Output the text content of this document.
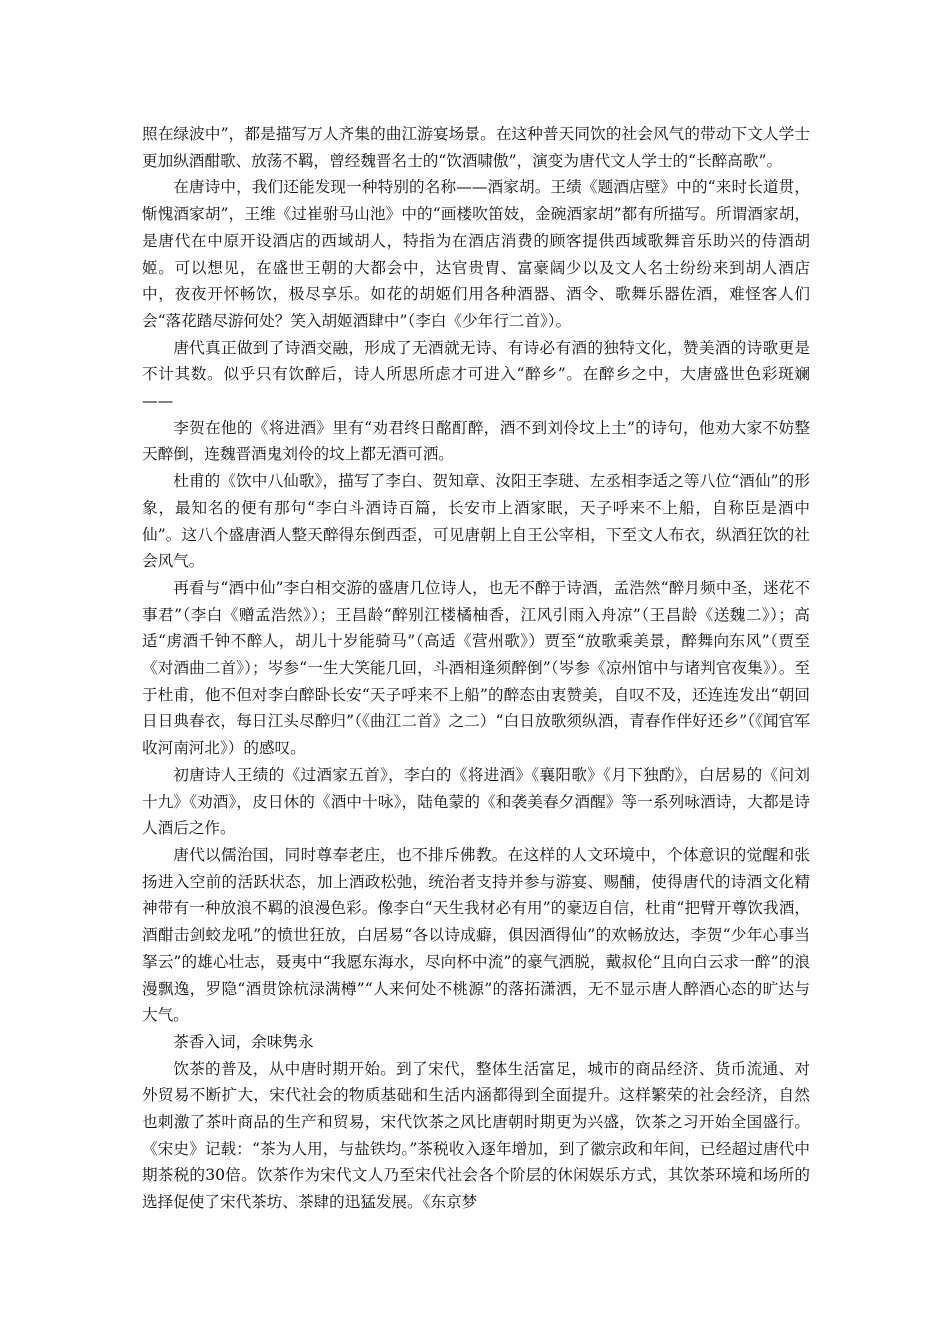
照在绿波中”，都是描写万人齐集的曲江游宴场景。在这种普天同饮的社会风气的带动下文人学士更加纵酒酣歌、放荡不羁，曾经魏晋名士的“饮酒啸傲”，演变为唐代文人学士的“长醉高歌”。

在唐诗中，我们还能发现一种特别的名称——酒家胡。王绩《题酒店壁》中的“来时长道贯，惭愧酒家胡”，王维《过崔驸马山池》中的“画楼吹笛妓，金碗酒家胡”都有所描写。所谓酒家胡，是唐代在中原开设酒店的西域胡人，特指为在酒店消费的顾客提供西域歌舞音乐助兴的侍酒胡姬。可以想见，在盛世王朝的大都会中，达官贵胄、富豪阔少以及文人名士纷纷来到胡人酒店中，夜夜开怀畅饮，极尽享乐。如花的胡姬们用各种酒器、酒令、歌舞乐器佐酒，难怪客人们会“落花踏尽游何处？笑入胡姬酒肆中”（李白《少年行二首》）。

唐代真正做到了诗酒交融，形成了无酒就无诗、有诗必有酒的独特文化，赞美酒的诗歌更是不计其数。似乎只有饮醉后，诗人所思所虑才可进入“醉乡”。在醉乡之中，大唐盛世色彩斑斓——

李贺在他的《将进酒》里有“劝君终日酩酊醉，酒不到刘伶坟上土”的诗句，他劝大家不妨整天醉倒，连魏晋酒鬼刘伶的坟上都无酒可洒。

杜甫的《饮中八仙歌》，描写了李白、贺知章、汝阳王李琎、左丞相李适之等八位“酒仙”的形象，最知名的便有那句“李白斗酒诗百篇，长安市上酒家眠，天子呼来不上船，自称臣是酒中仙”。这八个盛唐酒人整天醉得东倒西歪，可见唐朝上自王公宰相，下至文人布衣，纵酒狂饮的社会风气。

再看与“酒中仙”李白相交游的盛唐几位诗人，也无不醉于诗酒，孟浩然“醉月频中圣，迷花不事君”（李白《赠孟浩然》）；王昌龄“醉别江楼橘柚香，江风引雨入舟凉”（王昌龄《送魏二》）；高适“虏酒千钟不醉人，胡儿十岁能骑马”（高适《营州歌》）贾至“放歌乘美景，醉舞向东风”（贾至《对酒曲二首》）；岑参“一生大笑能几回，斗酒相逢须醉倒”（岑参《凉州馆中与诸判官夜集》）。至于杜甫，他不但对李白醉卧长安“天子呼来不上船”的醉态由衷赞美，自叹不及，还连连发出“朝回日日典春衣，每日江头尽醉归”（《曲江二首》之二）“白日放歌须纵酒，青春作伴好还乡”（《闻官军收河南河北》）的感叹。

初唐诗人王绩的《过酒家五首》，李白的《将进酒》《襄阳歌》《月下独酌》，白居易的《问刘十九》《劝酒》，皮日休的《酒中十咏》，陆龟蒙的《和袭美春夕酒醒》等一系列咏酒诗，大都是诗人酒后之作。

唐代以儒治国，同时尊奉老庄，也不排斥佛教。在这样的人文环境中，个体意识的觉醒和张扬进入空前的活跃状态，加上酒政松弛，统治者支持并参与游宴、赐酺，使得唐代的诗酒文化精神带有一种放浪不羁的浪漫色彩。像李白“天生我材必有用”的豪迈自信，杜甫“把臂开尊饮我酒，酒酣击剑蛟龙吼”的愤世狂放，白居易“各以诗成癖，俱因酒得仙”的欢畅放达，李贺“少年心事当拏云”的雄心壮志，聂夷中“我愿东海水，尽向杯中流”的豪气洒脱，戴叔伦“且向白云求一醉”的浪漫飘逸，罗隐“酒贯馀杭渌满樽”“人来何处不桃源”的落拓潇洒，无不显示唐人醉酒心态的旷达与大气。

茶香入词，余味隽永

饮茶的普及，从中唐时期开始。到了宋代，整体生活富足，城市的商品经济、货币流通、对外贸易不断扩大，宋代社会的物质基础和生活内涵都得到全面提升。这样繁荣的社会经济，自然也刺激了茶叶商品的生产和贸易，宋代饮茶之风比唐朝时期更为兴盛，饮茶之习开始全国盛行。《宋史》记载：“茶为人用，与盐铁均。”茶税收入逐年增加，到了徽宗政和年间，已经超过唐代中期茶税的30倍。饮茶作为宋代文人乃至宋代社会各个阶层的休闲娱乐方式，其饮茶环境和场所的选择促使了宋代茶坊、茶肆的迅猛发展。《东京梦
